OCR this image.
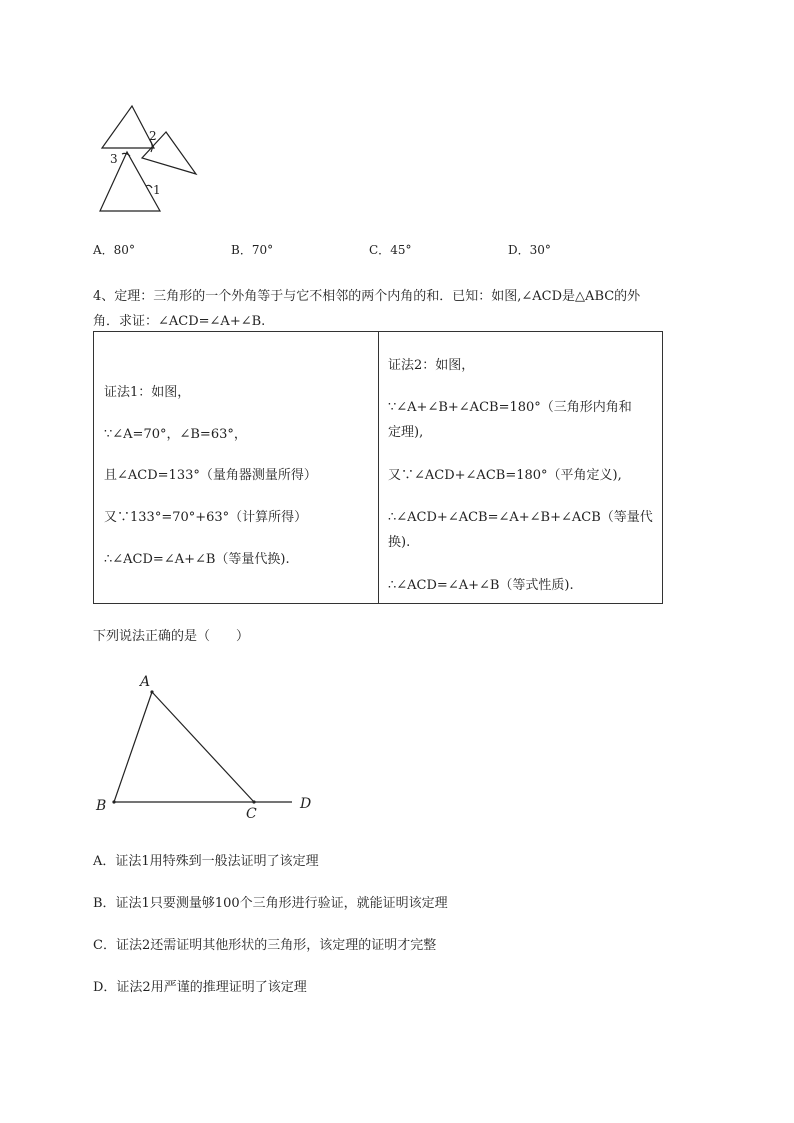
2
3
1
A．80°	B．70°	C．45°	D．30°
4、定理：三角形的一个外角等于与它不相邻的两个内角的和．已知：如图,∠ACD是△ABC的外
角．求证：∠ACD=∠A+∠B.
证法1：如图，
∵∠A=70°，∠B=63°，
且∠ACD=133°（量角器测量所得）
又∵133°=70°+63°（计算所得）
∴∠ACD=∠A+∠B（等量代换).
证法2：如图，
∵∠A+∠B+∠ACB=180°（三角形内角和
定理),
又∵∠ACD+∠ACB=180°（平角定义),
∴∠ACD+∠ACB=∠A+∠B+∠ACB（等量代
换).
∴∠ACD=∠A+∠B（等式性质).
下列说法正确的是（　　）
A
B	C
D
A．证法1用特殊到一般法证明了该定理
B．证法1只要测量够100个三角形进行验证，就能证明该定理
C．证法2还需证明其他形状的三角形，该定理的证明才完整
D．证法2用严谨的推理证明了该定理
